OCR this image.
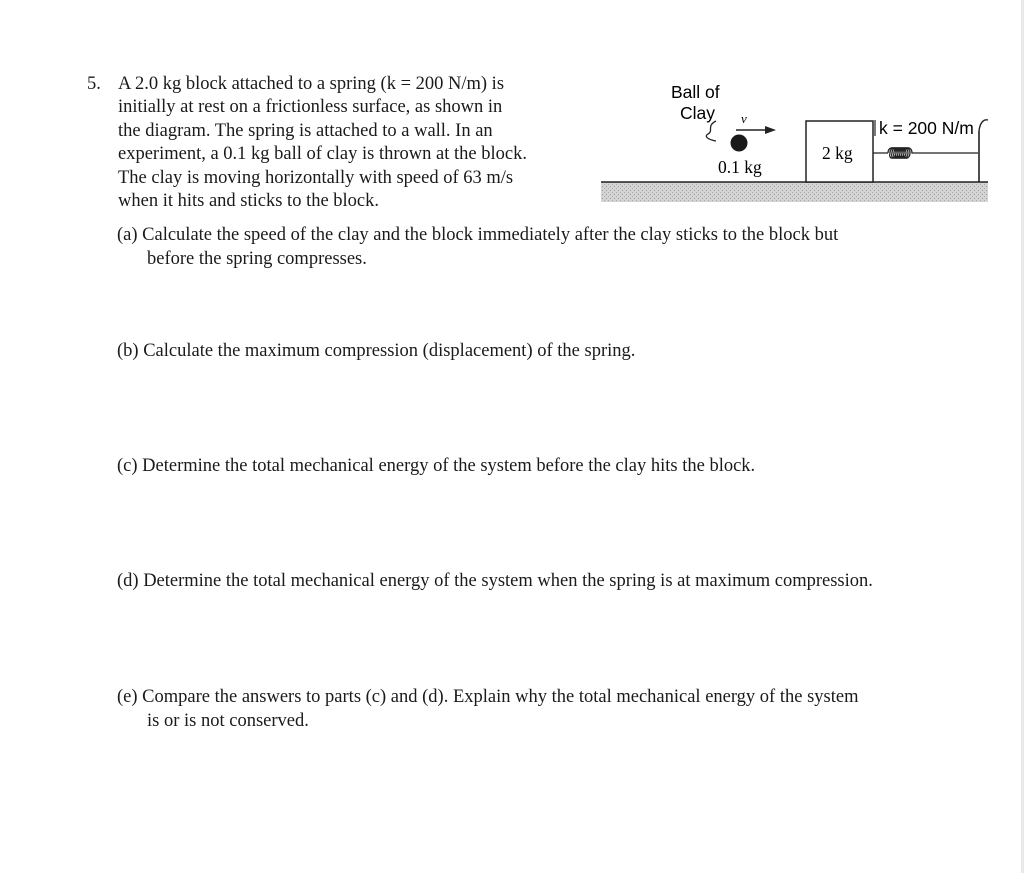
5. A 2.0 kg block attached to a spring (k = 200 N/m) is
initially at rest on a frictionless surface, as shown in
the diagram. The spring is attached to a wall. In an
experiment, a 0.1 kg ball of clay is thrown at the block.
The clay is moving horizontally with speed of 63 m/s
when it hits and sticks to the block.
Ball of
Clay v
0.1 kg
2 kg
k = 200 N/m
(a) Calculate the speed of the clay and the block immediately after the clay sticks to the block but
before the spring compresses.
(b) Calculate the maximum compression (displacement) of the spring.
(c) Determine the total mechanical energy of the system before the clay hits the block.
(d) Determine the total mechanical energy of the system when the spring is at maximum compression.
(e) Compare the answers to parts (c) and (d). Explain why the total mechanical energy of the system
is or is not conserved.
